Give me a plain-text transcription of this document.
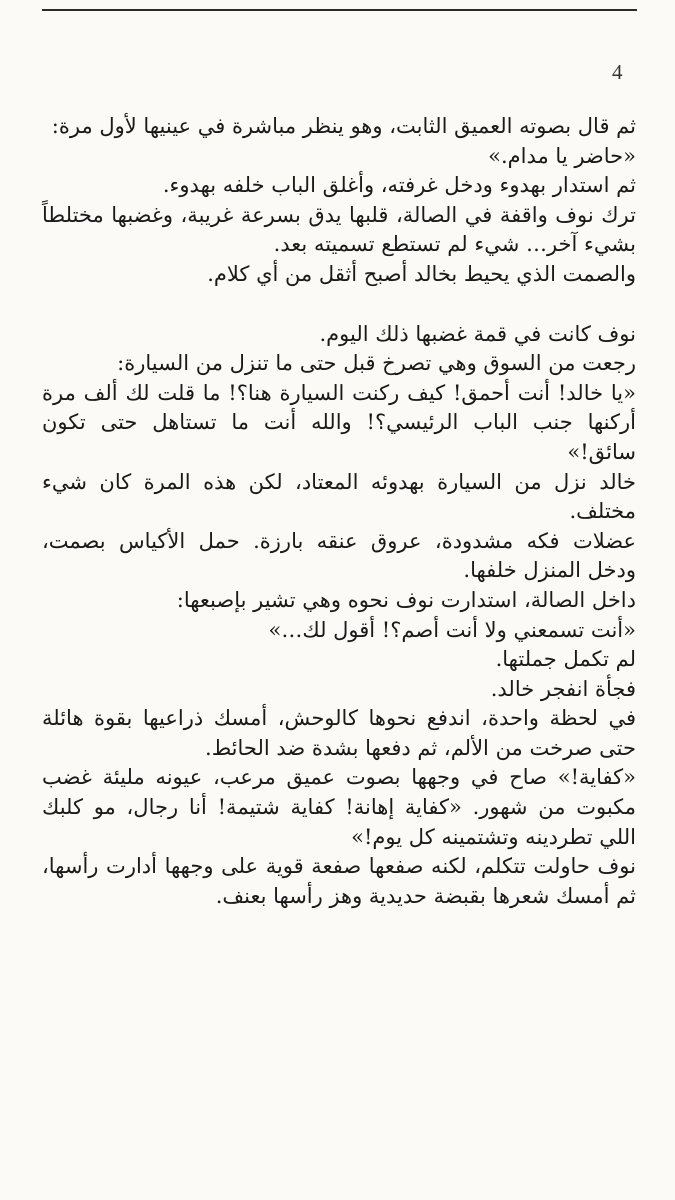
4

ثم قال بصوته العميق الثابت، وهو ينظر مباشرة في عينيها لأول مرة:

«حاضر يا مدام.»

ثم استدار بهدوء ودخل غرفته، وأغلق الباب خلفه بهدوء.

ترك نوف واقفة في الصالة، قلبها يدق بسرعة غريبة، وغضبها مختلطاً بشيء آخر… شيء لم تستطع تسميته بعد.

والصمت الذي يحيط بخالد أصبح أثقل من أي كلام.

نوف كانت في قمة غضبها ذلك اليوم.

رجعت من السوق وهي تصرخ قبل حتى ما تنزل من السيارة:

«يا خالد! أنت أحمق! كيف ركنت السيارة هنا؟! ما قلت لك ألف مرة أركنها جنب الباب الرئيسي؟! والله أنت ما تستاهل حتى تكون سائق!»

خالد نزل من السيارة بهدوئه المعتاد، لكن هذه المرة كان شيء مختلف.

عضلات فكه مشدودة، عروق عنقه بارزة. حمل الأكياس بصمت، ودخل المنزل خلفها.

داخل الصالة، استدارت نوف نحوه وهي تشير بإصبعها:

«أنت تسمعني ولا أنت أصم؟! أقول لك…»

لم تكمل جملتها.

فجأة انفجر خالد.

في لحظة واحدة، اندفع نحوها كالوحش، أمسك ذراعيها بقوة هائلة حتى صرخت من الألم، ثم دفعها بشدة ضد الحائط.

«كفاية!» صاح في وجهها بصوت عميق مرعب، عيونه مليئة غضب مكبوت من شهور. «كفاية إهانة! كفاية شتيمة! أنا رجال، مو كلبك اللي تطردينه وتشتمينه كل يوم!»

نوف حاولت تتكلم، لكنه صفعها صفعة قوية على وجهها أدارت رأسها، ثم أمسك شعرها بقبضة حديدية وهز رأسها بعنف.
